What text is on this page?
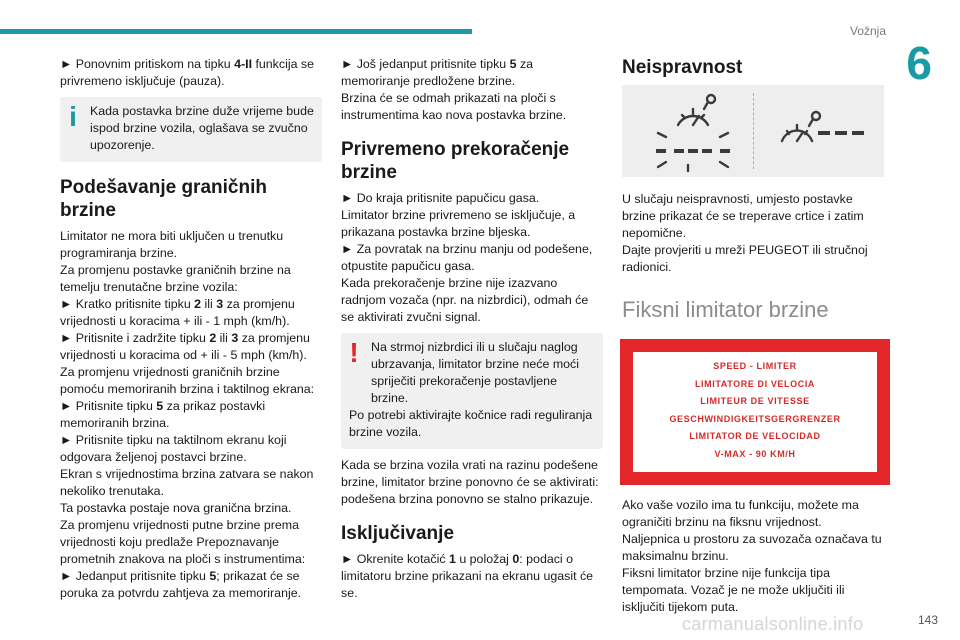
Vožnja
6

► Ponovnim pritiskom na tipku 4-II funkcija se privremeno isključuje (pauza).

i	Kada postavka brzine duže vrijeme bude ispod brzine vozila, oglašava se zvučno upozorenje.

Podešavanje graničnih brzine

Limitator ne mora biti uključen u trenutku programiranja brzine.

Za promjenu postavke graničnih brzine na temelju trenutačne brzine vozila:

► Kratko pritisnite tipku 2 ili 3 za promjenu vrijednosti u koracima + ili - 1 mph (km/h).

► Pritisnite i zadržite tipku 2 ili 3 za promjenu vrijednosti u koracima od + ili - 5 mph (km/h).

Za promjenu vrijednosti graničnih brzine pomoću memoriranih brzina i taktilnog ekrana:

► Pritisnite tipku 5 za prikaz postavki memoriranih brzina.

► Pritisnite tipku na taktilnom ekranu koji odgovara željenoj postavci brzine.

Ekran s vrijednostima brzina zatvara se nakon nekoliko trenutaka.

Ta postavka postaje nova granična brzina.

Za promjenu vrijednosti putne brzine prema vrijednosti koju predlaže Prepoznavanje prometnih znakova na ploči s instrumentima:

► Jedanput pritisnite tipku 5; prikazat će se poruka za potvrdu zahtjeva za memoriranje.

► Još jedanput pritisnite tipku 5 za memoriranje predložene brzine.

Brzina će se odmah prikazati na ploči s instrumentima kao nova postavka brzine.

Privremeno prekoračenje brzine

► Do kraja pritisnite papučicu gasa.

Limitator brzine privremeno se isključuje, a prikazana postavka brzine bljeska.

► Za povratak na brzinu manju od podešene, otpustite papučicu gasa.

Kada prekoračenje brzine nije izazvano radnjom vozača (npr. na nizbrdici), odmah će se aktivirati zvučni signal.

! Na strmoj nizbrdici ili u slučaju naglog ubrzavanja, limitator brzine neće moći spriječiti prekoračenje postavljene brzine.

Po potrebi aktivirajte kočnice radi reguliranja brzine vozila.

Kada se brzina vozila vrati na razinu podešene brzine, limitator brzine ponovno će se aktivirati: podešena brzina ponovno se stalno prikazuje.

Isključivanje

► Okrenite kotačić 1 u položaj 0: podaci o limitatoru brzine prikazani na ekranu ugasit će se.

Neispravnost

U slučaju neispravnosti, umjesto postavke brzine prikazat će se treperave crtice i zatim nepomične.

Dajte provjeriti u mreži PEUGEOT ili stručnoj radionici.

Fiksni limitator brzine
SPEED - LIMITER
LIMITATORE DI VELOCIA
LIMITEUR DE VITESSE
GESCHWINDIGKEITSGERGRENZER
LIMITATOR DE VELOCIDAD
V-MAX - 90 KM/H

Ako vaše vozilo ima tu funkciju, možete ma ograničiti brzinu na fiksnu vrijednost.

Naljepnica u prostoru za suvozača označava tu maksimalnu brzinu.

Fiksni limitator brzine nije funkcija tipa tempomata. Vozač je ne može uključiti ili isključiti tijekom puta.

carmanualsonline.info	143
